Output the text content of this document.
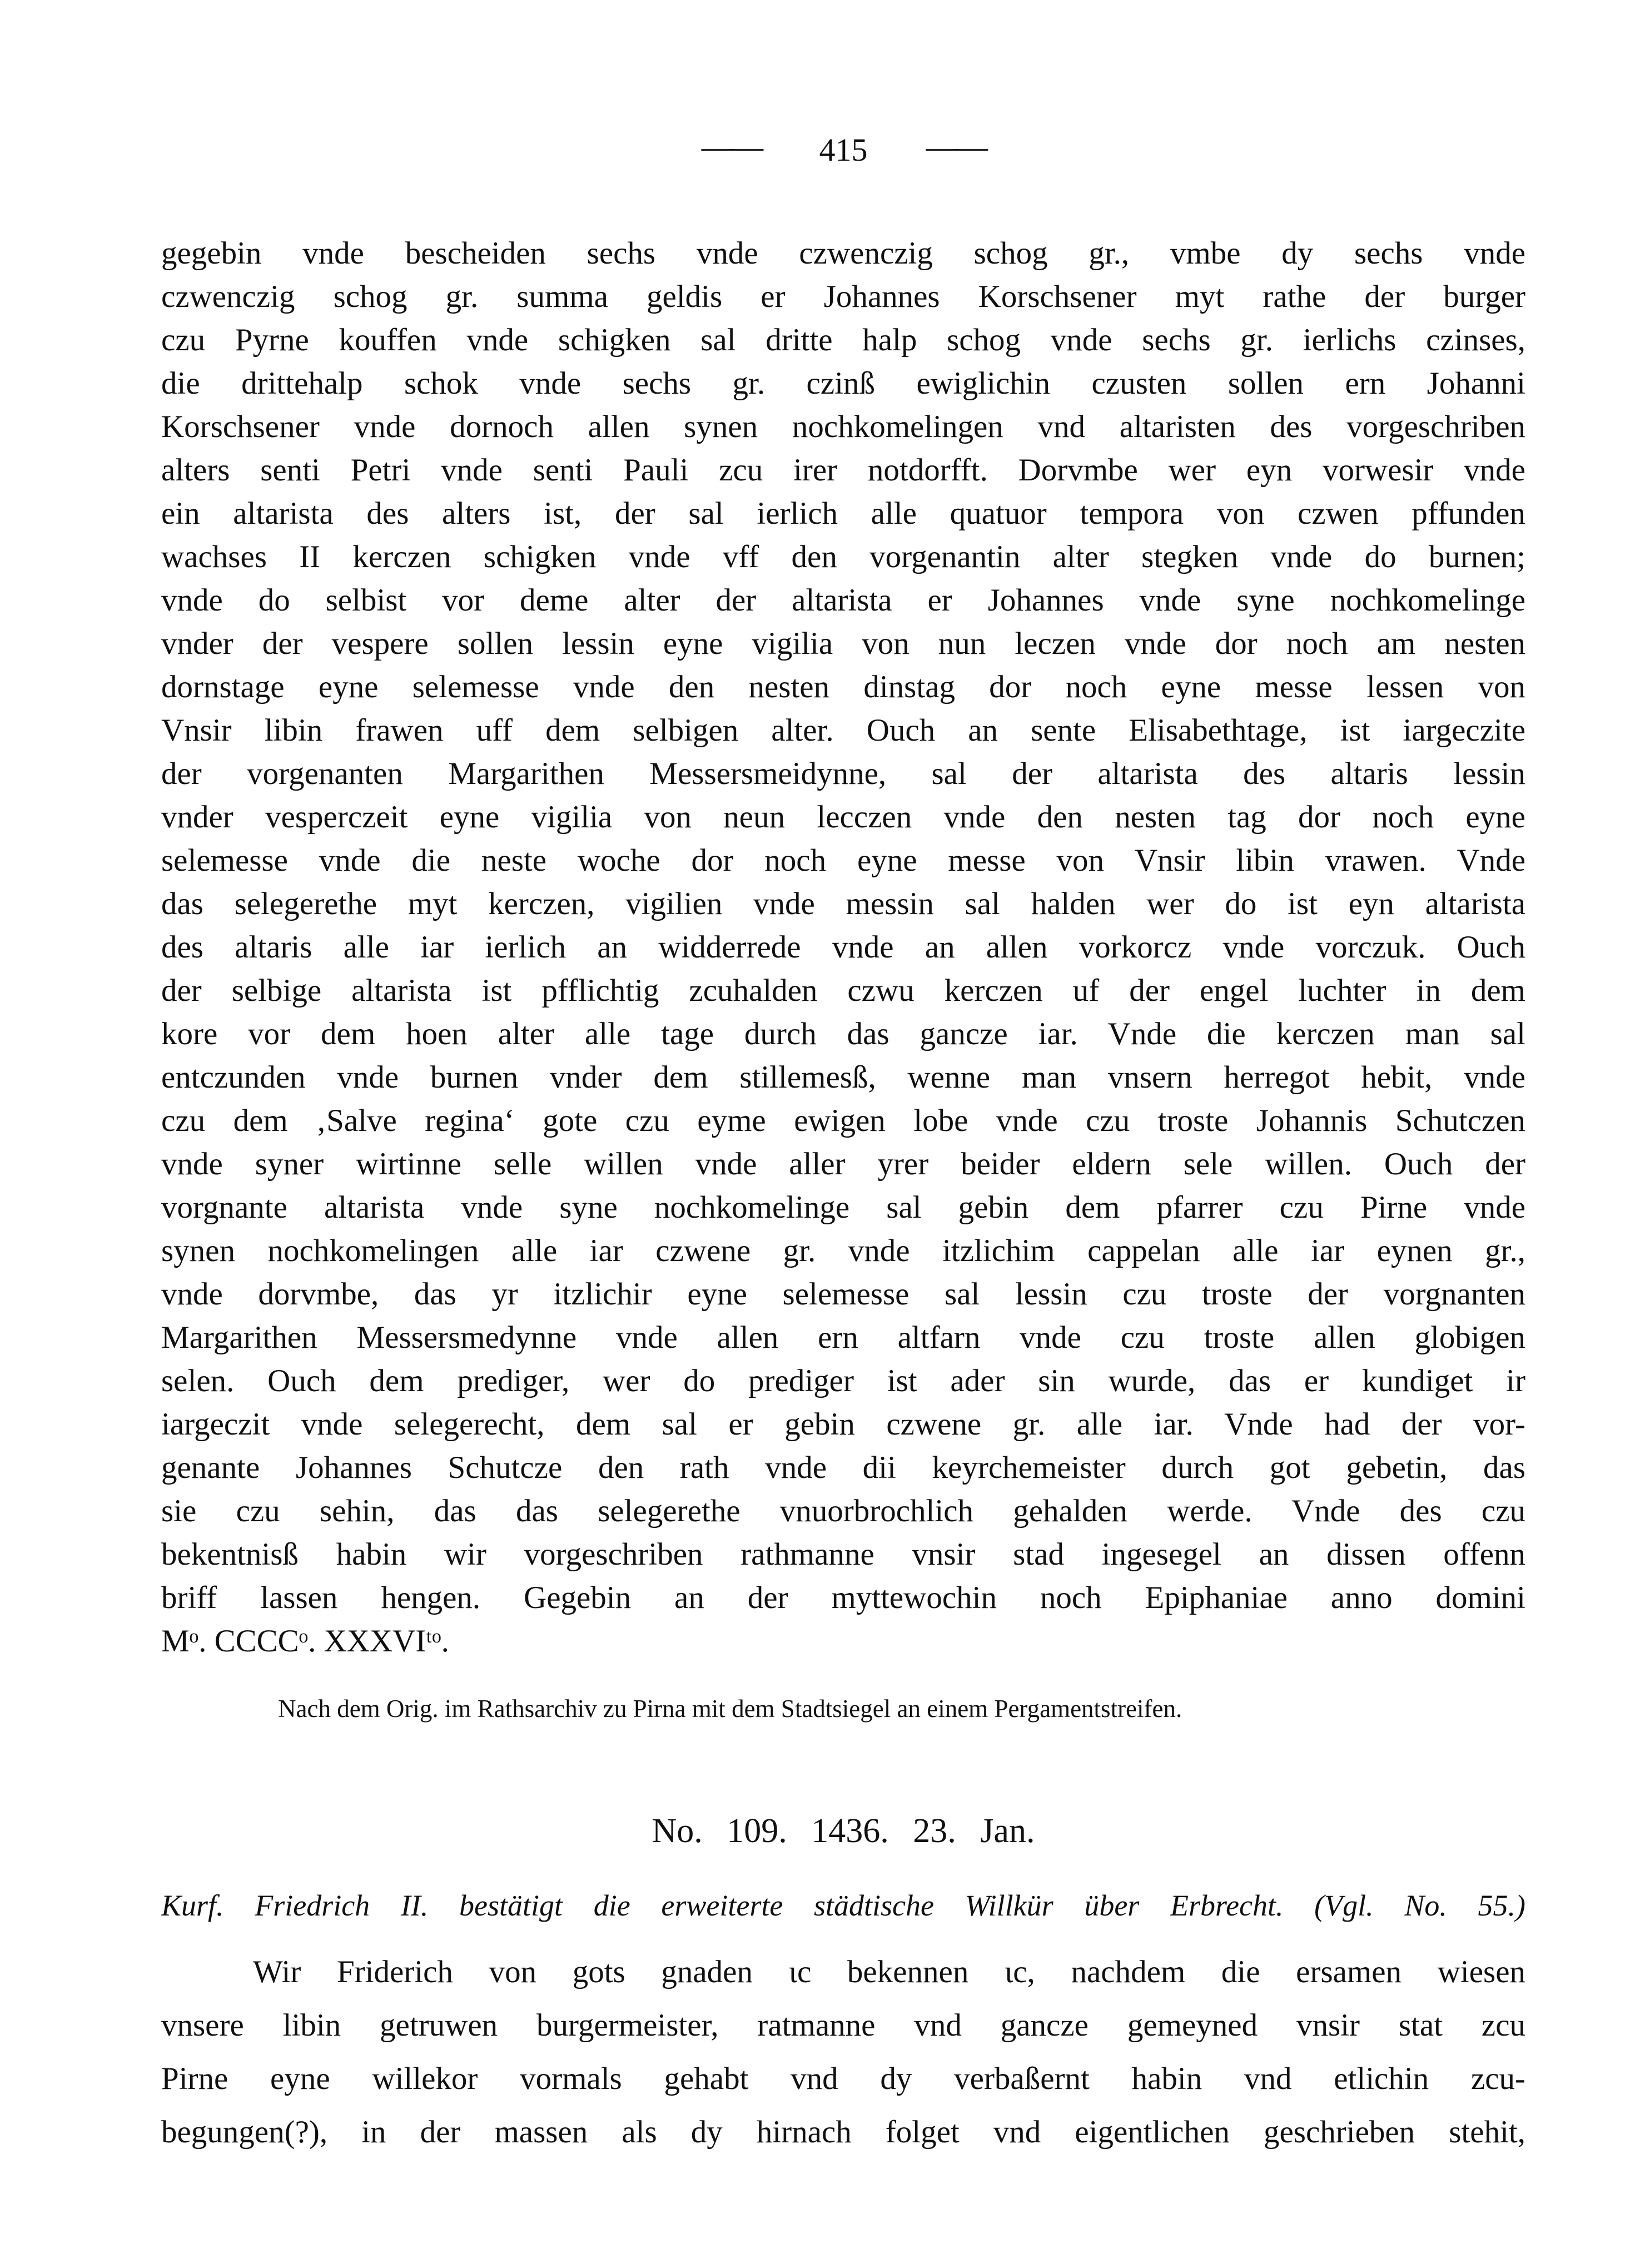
—— 415 ——
gegebin vnde bescheiden sechs vnde czwenczig schog gr., vmbe dy sechs vnde
czwenczig schog gr. summa geldis er Johannes Korschsener myt rathe der burger
czu Pyrne kouffen vnde schigken sal dritte halp schog vnde sechs gr. ierlichs czinses,
die drittehalp schok vnde sechs gr. czinß ewiglichin czusten sollen ern Johanni
Korschsener vnde dornoch allen synen nochkomelingen vnd altaristen des vorgeschriben
alters senti Petri vnde senti Pauli zcu irer notdorfft. Dorvmbe wer eyn vorwesir vnde
ein altarista des alters ist, der sal ierlich alle quatuor tempora von czwen pffunden
wachses II kerczen schigken vnde vff den vorgenantin alter stegken vnde do burnen;
vnde do selbist vor deme alter der altarista er Johannes vnde syne nochkomelinge
vnder der vespere sollen lessin eyne vigilia von nun leczen vnde dor noch am nesten
dornstage eyne selemesse vnde den nesten dinstag dor noch eyne messe lessen von
Vnsir libin frawen uff dem selbigen alter. Ouch an sente Elisabethtage, ist iargeczite
der vorgenanten Margarithen Messersmeidynne, sal der altarista des altaris lessin
vnder vesperczeit eyne vigilia von neun lecczen vnde den nesten tag dor noch eyne
selemesse vnde die neste woche dor noch eyne messe von Vnsir libin vrawen. Vnde
das selegerethe myt kerczen, vigilien vnde messin sal halden wer do ist eyn altarista
des altaris alle iar ierlich an widderrede vnde an allen vorkorcz vnde vorczuk. Ouch
der selbige altarista ist pfflichtig zcuhalden czwu kerczen uf der engel luchter in dem
kore vor dem hoen alter alle tage durch das gancze iar. Vnde die kerczen man sal
entczunden vnde burnen vnder dem stillemesß, wenne man vnsern herregot hebit, vnde
czu dem ‚Salve regina‘ gote czu eyme ewigen lobe vnde czu troste Johannis Schutczen
vnde syner wirtinne selle willen vnde aller yrer beider eldern sele willen. Ouch der
vorgnante altarista vnde syne nochkomelinge sal gebin dem pfarrer czu Pirne vnde
synen nochkomelingen alle iar czwene gr. vnde itzlichim cappelan alle iar eynen gr.,
vnde dorvmbe, das yr itzlichir eyne selemesse sal lessin czu troste der vorgnanten
Margarithen Messersmedynne vnde allen ern altfarn vnde czu troste allen globigen
selen. Ouch dem prediger, wer do prediger ist ader sin wurde, das er kundiget ir
iargeczit vnde selegerecht, dem sal er gebin czwene gr. alle iar. Vnde had der vor-
genante Johannes Schutcze den rath vnde dii keyrchemeister durch got gebetin, das
sie czu sehin, das das selegerethe vnuorbrochlich gehalden werde. Vnde des czu
bekentnisß habin wir vorgeschriben rathmanne vnsir stad ingesegel an dissen offenn
briff lassen hengen. Gegebin an der myttewochin noch Epiphaniae anno domini
Mᵒ. CCCCᵒ. XXXVIᵗᵒ.
Nach dem Orig. im Rathsarchiv zu Pirna mit dem Stadtsiegel an einem Pergamentstreifen.
No. 109. 1436. 23. Jan.
Kurf. Friedrich II. bestätigt die erweiterte städtische Willkür über Erbrecht. (Vgl. No. 55.)
Wir Friderich von gots gnaden ɩc bekennen ɩc, nachdem die ersamen wiesen
vnsere libin getruwen burgermeister, ratmanne vnd gancze gemeyned vnsir stat zcu
Pirne eyne willekor vormals gehabt vnd dy verbaßernt habin vnd etlichin zcu-
begungen(?), in der massen als dy hirnach folget vnd eigentlichen geschrieben stehit,
